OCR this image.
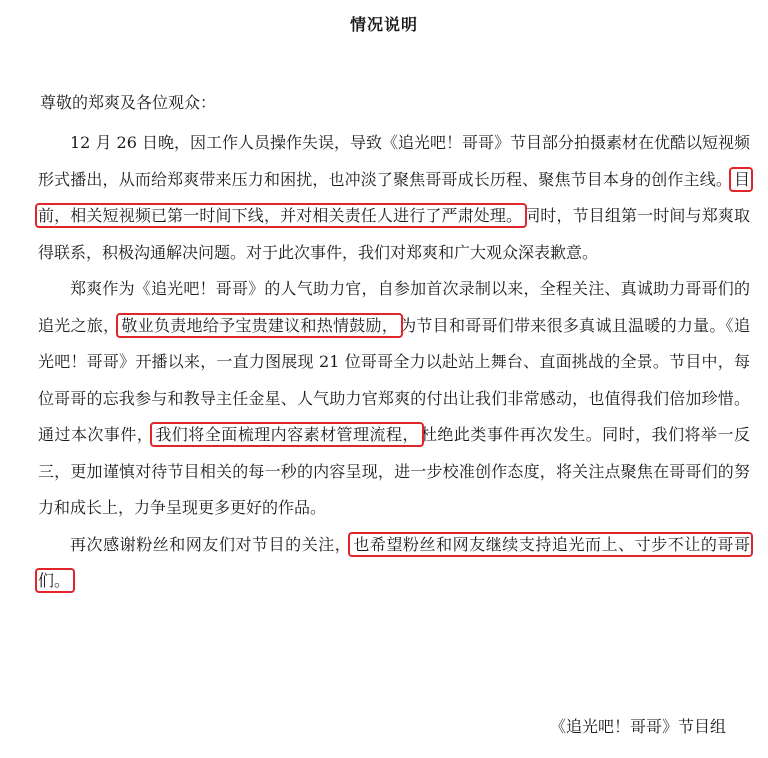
情况说明
尊敬的郑爽及各位观众：

12 月 26 日晚，因工作人员操作失误，导致《追光吧！哥哥》节目部分拍摄素材在优酷以短视频形式播出，从而给郑爽带来压力和困扰，也冲淡了聚焦哥哥成长历程、聚焦节目本身的创作主线。 目前，相关短视频已第一时间下线，并对相关责任人进行了严肃处理。 同时，节目组第一时间与郑爽取得联系，积极沟通解决问题。对于此次事件，我们对郑爽和广大观众深表歉意。

郑爽作为《追光吧！哥哥》的人气助力官，自参加首次录制以来，全程关注、真诚助力哥哥们的追光之旅， 敬业负责地给予宝贵建议和热情鼓励， 为节目和哥哥们带来很多真诚且温暖的力量。《追光吧！哥哥》开播以来，一直力图展现 21 位哥哥全力以赴站上舞台、直面挑战的全景。节目中，每位哥哥的忘我参与和教导主任金星、人气助力官郑爽的付出让我们非常感动，也值得我们倍加珍惜。通过本次事件， 我们将全面梳理内容素材管理流程， 杜绝此类事件再次发生。同时，我们将举一反三，更加谨慎对待节目相关的每一秒的内容呈现，进一步校准创作态度，将关注点聚焦在哥哥们的努力和成长上，力争呈现更多更好的作品。

再次感谢粉丝和网友们对节目的关注， 也希望粉丝和网友继续支持追光而上、寸步不让的哥哥们。

《追光吧！哥哥》节目组
